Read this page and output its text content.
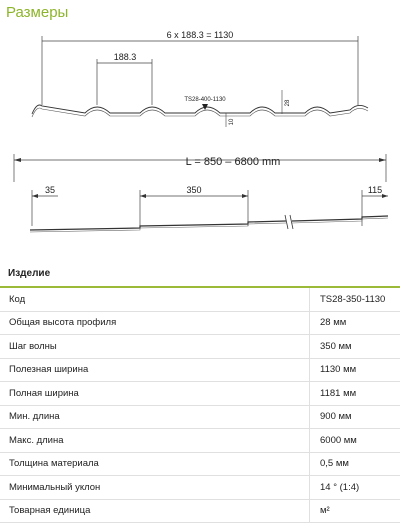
Размеры
6 x 188.3 = 1130
188.3
TS28-400-1130	28
10
L = 850 – 6800 mm
35	350	115
Изделие
Код	TS28-350-1130
Общая высота профиля	28 мм
Шаг волны	350 мм
Полезная ширина	1130 мм
Полная ширина	1181 мм
Мин. длина	900 мм
Макс. длина	6000 мм
Толщина материала	0,5 мм
Минимальный уклон	14 ° (1:4)
Товарная единица	м²
